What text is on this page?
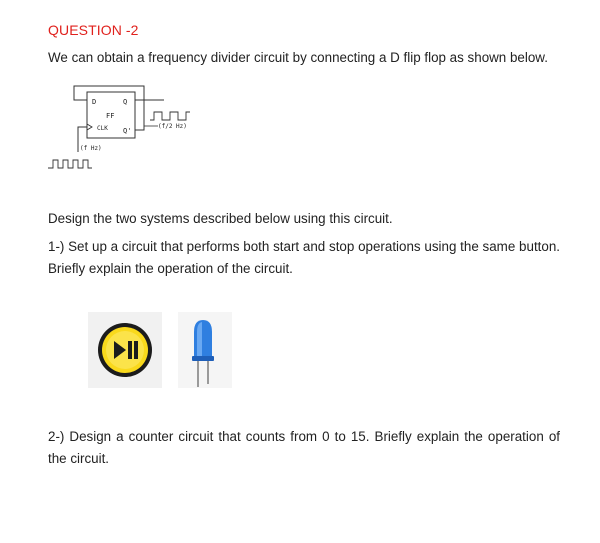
QUESTION -2
We can obtain a frequency divider circuit by connecting a D flip flop as shown below.
D	Q
FF
CLK Q'
(f/2 Hz)
(f Hz)
Design the two systems described below using this circuit.
1-) Set up a circuit that performs both start and stop operations using the same button. Briefly explain the operation of the circuit.
2-) Design a counter circuit that counts from 0 to 15. Briefly explain the operation of the circuit.
